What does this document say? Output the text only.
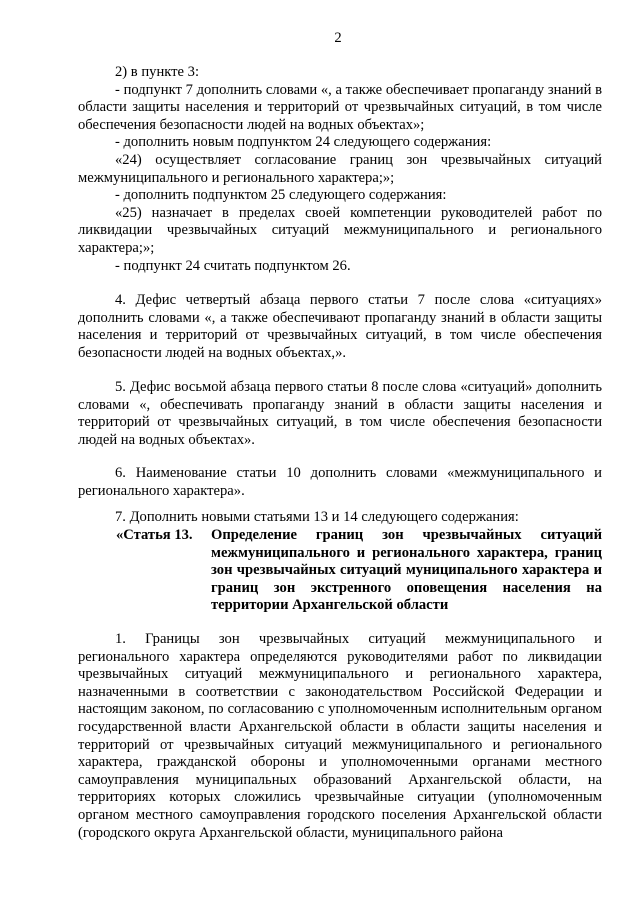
2

2) в пункте 3:

- подпункт 7 дополнить словами «, а также обеспечивает пропаганду знаний в области защиты населения и территорий от чрезвычайных ситуаций, в том числе обеспечения безопасности людей на водных объектах»;

- дополнить новым подпунктом 24 следующего содержания:

«24) осуществляет согласование границ зон чрезвычайных ситуаций межмуниципального и регионального характера;»;

- дополнить подпунктом 25 следующего содержания:

«25) назначает в пределах своей компетенции руководителей работ по ликвидации чрезвычайных ситуаций межмуниципального и регионального характера;»;

- подпункт 24 считать подпунктом 26.

4. Дефис четвертый абзаца первого статьи 7 после слова «ситуациях» дополнить словами «, а также обеспечивают пропаганду знаний в области защиты населения и территорий от чрезвычайных ситуаций, в том числе обеспечения безопасности людей на водных объектах,».

5. Дефис восьмой абзаца первого статьи 8 после слова «ситуаций» дополнить словами «, обеспечивать пропаганду знаний в области защиты населения и территорий от чрезвычайных ситуаций, в том числе обеспечения безопасности людей на водных объектах».

6. Наименование статьи 10 дополнить словами «межмуниципального и регионального характера».

7. Дополнить новыми статьями 13 и 14 следующего содержания:

«Статья 13.	Определение границ зон чрезвычайных ситуаций межмуниципального и регионального характера, границ зон чрезвычайных ситуаций муниципального характера и границ зон экстренного оповещения населения на территории Архангельской области

1. Границы зон чрезвычайных ситуаций межмуниципального и регионального характера определяются руководителями работ по ликвидации чрезвычайных ситуаций межмуниципального и регионального характера, назначенными в соответствии с законодательством Российской Федерации и настоящим законом, по согласованию с уполномоченным исполнительным органом государственной власти Архангельской области в области защиты населения и территорий от чрезвычайных ситуаций межмуниципального и регионального характера, гражданской обороны и уполномоченными органами местного самоуправления муниципальных образований Архангельской области, на территориях которых сложились чрезвычайные ситуации (уполномоченным органом местного самоуправления городского поселения Архангельской области (городского округа Архангельской области, муниципального района
